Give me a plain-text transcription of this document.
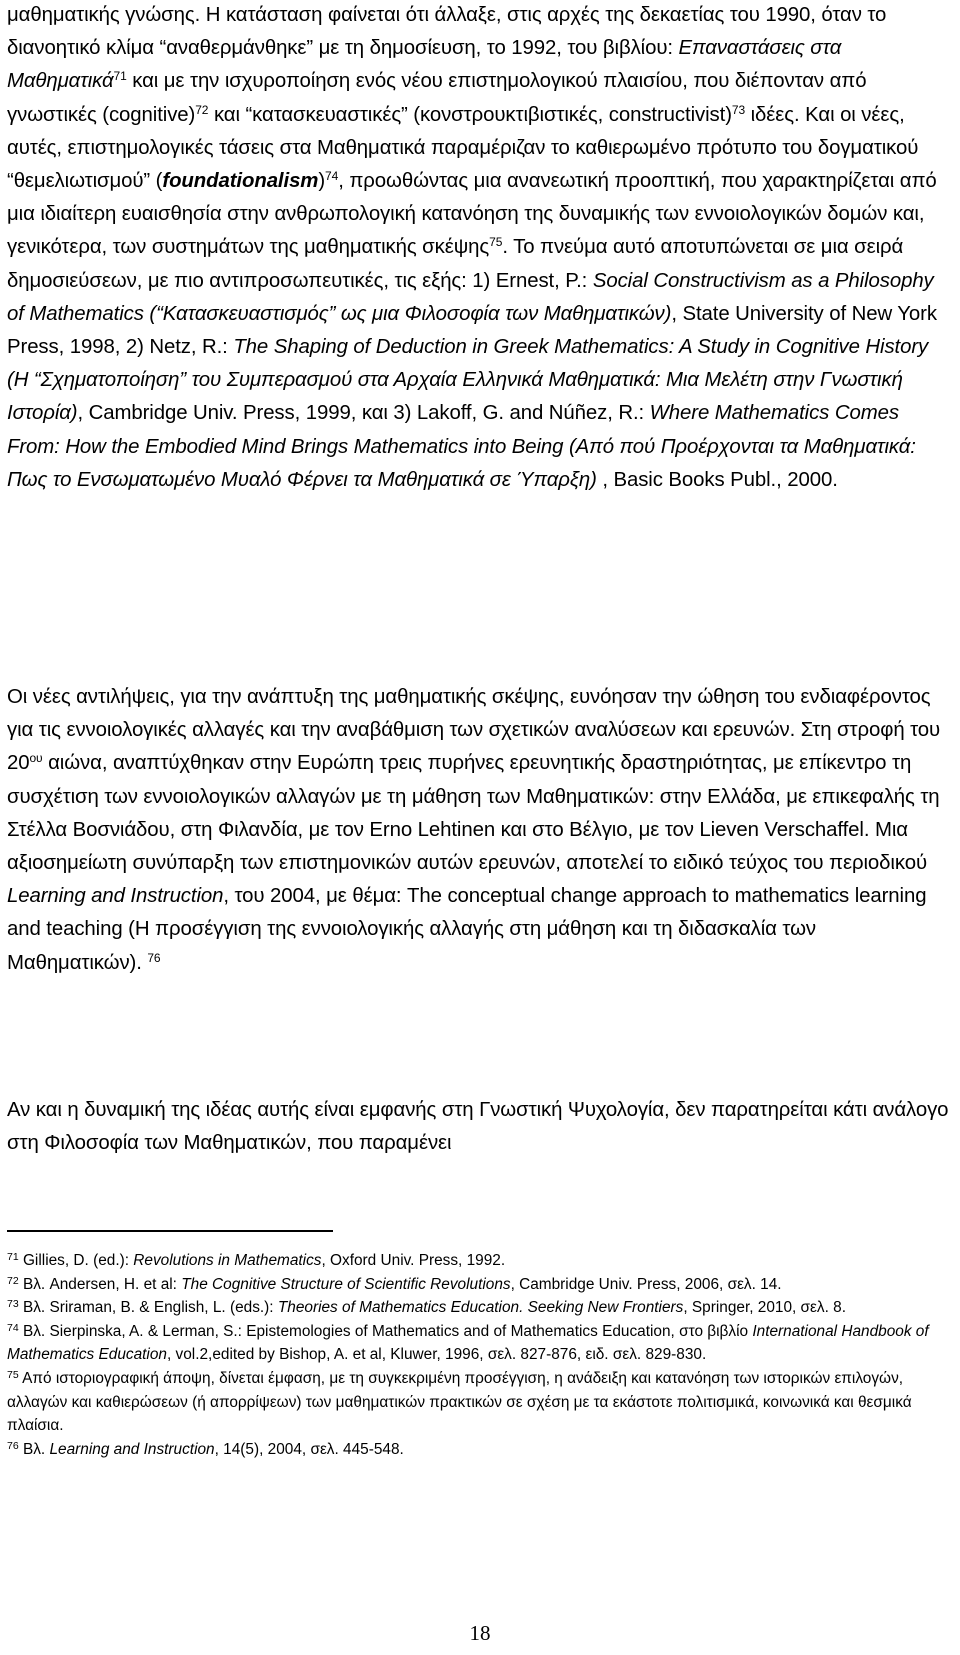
μαθηματικής γνώσης. Η κατάσταση φαίνεται ότι άλλαξε, στις αρχές της δεκαετίας του 1990, όταν το διανοητικό κλίμα “αναθερμάνθηκε” με τη δημοσίευση, το 1992, του βιβλίου: Επαναστάσεις στα Μαθηματικά$^{71}$ και με την ισχυροποίηση ενός νέου επιστημολογικού πλαισίου, που διέπονταν από γνωστικές (cognitive)$^{72}$ και “κατασκευαστικές” (κονστρουκτιβιστικές, constructivist)$^{73}$ ιδέες. Και οι νέες, αυτές, επιστημολογικές τάσεις στα Μαθηματικά παραμέριζαν το καθιερωμένο πρότυπο του δογματικού “θεμελιωτισμού” (foundationalism)$^{74}$, προωθώντας μια ανανεωτική προοπτική, που χαρακτηρίζεται από μια ιδιαίτερη ευαισθησία στην ανθρωπολογική κατανόηση της δυναμικής των εννοιολογικών δομών και, γενικότερα, των συστημάτων της μαθηματικής σκέψης$^{75}$. Το πνεύμα αυτό αποτυπώνεται σε μια σειρά δημοσιεύσεων, με πιο αντιπροσωπευτικές, τις εξής: 1) Ernest, P.: Social Constructivism as a Philosophy of Mathematics (“Κατασκευαστισμός” ως μια Φιλοσοφία των Μαθηματικών), State University of New York Press, 1998, 2) Netz, R.: The Shaping of Deduction in Greek Mathematics: A Study in Cognitive History (Η “Σχηματοποίηση” του Συμπερασμού στα Αρχαία Ελληνικά Μαθηματικά: Μια Μελέτη στην Γνωστική Ιστορία), Cambridge Univ. Press, 1999, και 3) Lakoff, G. and Núñez, R.: Where Mathematics Comes From: How the Embodied Mind Brings Mathematics into Being (Από πού Προέρχονται τα Μαθηματικά: Πως το Ενσωματωμένο Μυαλό Φέρνει τα Μαθηματικά σε Ύπαρξη) , Basic Books Publ., 2000.

Οι νέες αντιλήψεις, για την ανάπτυξη της μαθηματικής σκέψης, ευνόησαν την ώθηση του ενδιαφέροντος για τις εννοιολογικές αλλαγές και την αναβάθμιση των σχετικών αναλύσεων και ερευνών. Στη στροφή του $20^{o\upsilon}$ αιώνα, αναπτύχθηκαν στην Ευρώπη τρεις πυρήνες ερευνητικής δραστηριότητας, με επίκεντρο τη συσχέτιση των εννοιολογικών αλλαγών με τη μάθηση των Μαθηματικών: στην Ελλάδα, με επικεφαλής τη Στέλλα Βοσνιάδου, στη Φιλανδία, με τον Erno Lehtinen και στο Βέλγιο, με τον Lieven Verschaffel. Μια αξιοσημείωτη συνύπαρξη των επιστημονικών αυτών ερευνών, αποτελεί το ειδικό τεύχος του περιοδικού Learning and Instruction, του 2004, με θέμα: The conceptual change approach to mathematics learning and teaching (Η προσέγγιση της εννοιολογικής αλλαγής στη μάθηση και τη διδασκαλία των Μαθηματικών). $^{76}$

Αν και η δυναμική της ιδέας αυτής είναι εμφανής στη Γνωστική Ψυχολογία, δεν παρατηρείται κάτι ανάλογο στη Φιλοσοφία των Μαθηματικών, που παραμένει

$^{71}$ Gillies, D. (ed.): Revolutions in Mathematics, Oxford Univ. Press, 1992.

$^{72}$ Βλ. Andersen, H. et al: The Cognitive Structure of Scientific Revolutions, Cambridge Univ. Press, 2006, σελ. 14.

$^{73}$ Βλ. Sriraman, B. & English, L. (eds.): Theories of Mathematics Education. Seeking New Frontiers, Springer, 2010, σελ. 8.

$^{74}$ Βλ. Sierpinska, A. & Lerman, S.: Epistemologies of Mathematics and of Mathematics Education, στο βιβλίο International Handbook of Mathematics Education, vol.2,edited by Bishop, A. et al, Kluwer, 1996, σελ. 827-876, ειδ. σελ. 829-830.

$^{75}$ Από ιστοριογραφική άποψη, δίνεται έμφαση, με τη συγκεκριμένη προσέγγιση, η ανάδειξη και κατανόηση των ιστορικών επιλογών, αλλαγών και καθιερώσεων (ή απορρίψεων) των μαθηματικών πρακτικών σε σχέση με τα εκάστοτε πολιτισμικά, κοινωνικά και θεσμικά πλαίσια.

$^{76}$ Βλ. Learning and Instruction, 14(5), 2004, σελ. 445-548.

18
